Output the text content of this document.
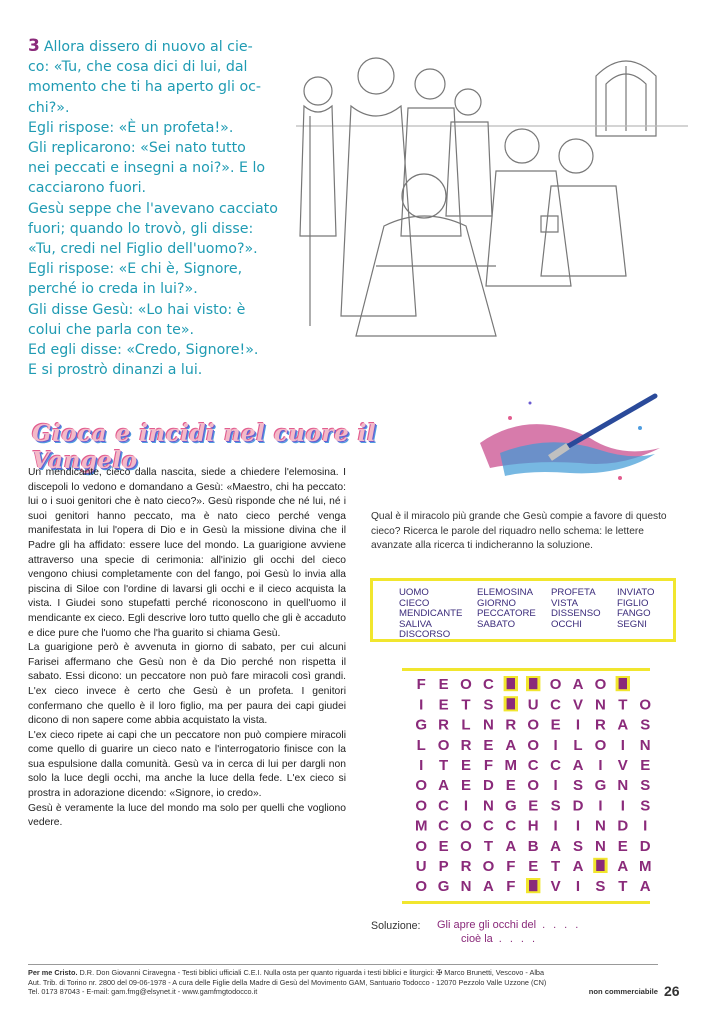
3 Allora dissero di nuovo al cie-

co: «Tu, che cosa dici di lui, dal

momento che ti ha aperto gli oc-

chi?».

Egli rispose: «È un profeta!».

Gli replicarono: «Sei nato tutto

nei peccati e insegni a noi?». E lo

cacciarono fuori.

Gesù seppe che l'avevano cacciato

fuori; quando lo trovò, gli disse:

«Tu, credi nel Figlio dell'uomo?».

Egli rispose: «E chi è, Signore,

perché io creda in lui?».

Gli disse Gesù: «Lo hai visto: è

colui che parla con te».

Ed egli disse: «Credo, Signore!».

E si prostrò dinanzi a lui.

Gioca e incidi nel cuore il Vangelo

Un mendicante, cieco dalla nascita, siede a chiedere l'elemosina. I discepoli lo vedono e domandano a Gesù: «Maestro, chi ha peccato: lui o i suoi genitori che è nato cieco?». Gesù risponde che né lui, né i suoi genitori hanno peccato, ma è nato cieco perché venga manifestata in lui l'opera di Dio e in Gesù la missione divina che il Padre gli ha affidato: essere luce del mondo. La guarigione avviene attraverso una specie di cerimonia: all'inizio gli occhi del cieco vengono chiusi completamente con del fango, poi Gesù lo invia alla piscina di Siloe con l'ordine di lavarsi gli occhi e il cieco acquista la vista. I Giudei sono stupefatti perché riconoscono in quell'uomo il mendicante ex cieco. Egli descrive loro tutto quello che gli è accaduto e dice pure che l'uomo che l'ha guarito si chiama Gesù.

La guarigione però è avvenuta in giorno di sabato, per cui alcuni Farisei affermano che Gesù non è da Dio perché non rispetta il sabato. Essi dicono: un peccatore non può fare miracoli così grandi. L'ex cieco invece è certo che Gesù è un profeta. I genitori confermano che quello è il loro figlio, ma per paura dei capi giudei dicono di non sapere come abbia acquistato la vista.

L'ex cieco ripete ai capi che un peccatore non può compiere miracoli come quello di guarire un cieco nato e l'interrogatorio finisce con la sua espulsione dalla comunità. Gesù va in cerca di lui per dargli non solo la luce degli occhi, ma anche la luce della fede. L'ex cieco si prostra in adorazione dicendo: «Signore, io credo».

Gesù è veramente la luce del mondo ma solo per quelli che vogliono vedere.

Qual è il miracolo più grande che Gesù compie a favore di questo cieco? Ricerca le parole del riquadro nello schema: le lettere avanzate alla ricerca ti indicheranno la soluzione.
UOMO
CIECO
MENDICANTE
SALIVA
DISCORSO
ELEMOSINA
GIORNO
PECCATORE
SABATO
PROFETA
VISTA
DISSENSO
OCCHI
INVIATO
FIGLIO
FANGO
SEGNI
F E O C	O A O
I E T S U C V N T O
G R L N R O E I R A S
L O R E A O I L O I N
I T E F M C C A I V E
O A E D E O I S G N S
O C I N G E S D I I S
M C O C C H I I N D I
O E O T A B A S N E D
U P R O F E T A A M
O G N A F V I S T A
Soluzione: Gli apre gli occhi del ....
cioè la ....
Per me Cristo. D.R. Don Giovanni Ciravegna - Testi biblici ufficiali C.E.I. Nulla osta per quanto riguarda i testi biblici e liturgici: ✠ Marco Brunetti, Vescovo - Alba
Aut. Trib. di Torino nr. 2800 del 09-06-1978 - A cura delle Figlie della Madre di Gesù del Movimento GAM, Santuario Todocco - 12070 Pezzolo Valle Uzzone (CN)
Tel. 0173 87043 - E-mail: gam.fmg@elsynet.it - www.gamfmgtodocco.it	non commerciabile 26
